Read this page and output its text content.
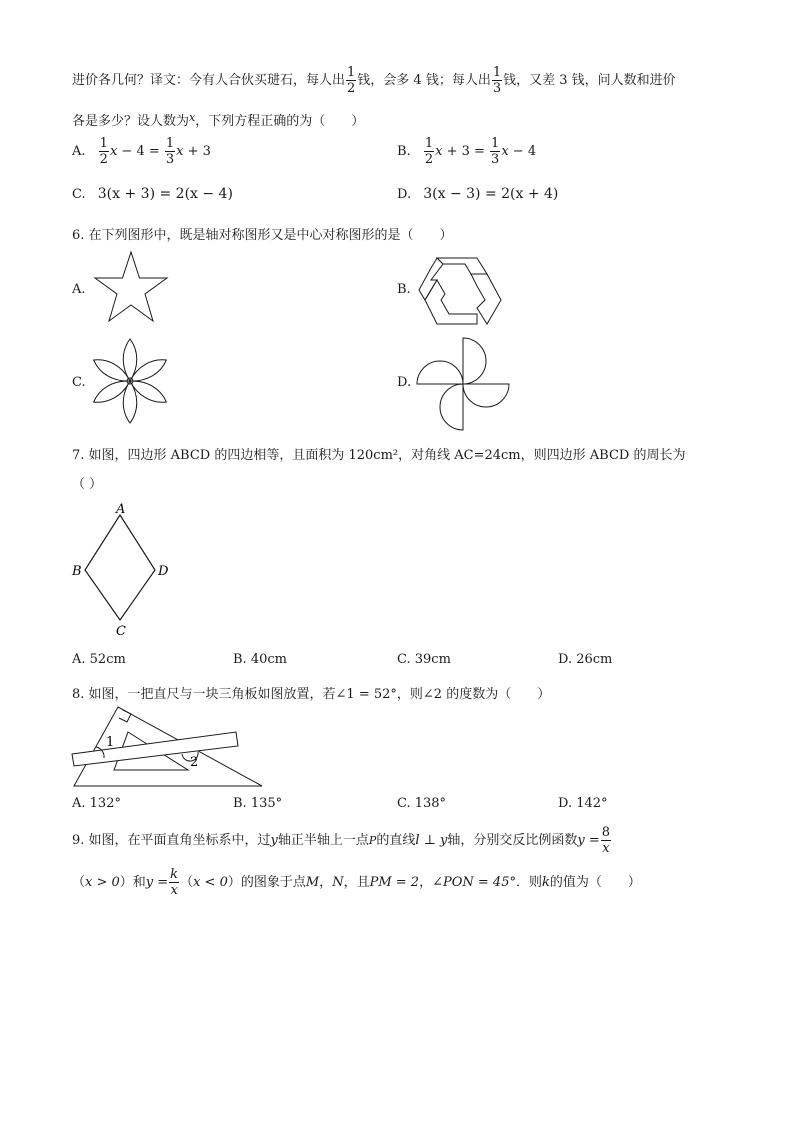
进价各几何？译文：今有人合伙买琎石，每人出 $\frac{1}{2}$ 钱，会多 4 钱；每人出 $\frac{1}{3}$ 钱，又差 3 钱，问人数和进价
各是多少？设人数为$^x$，下列方程正确的为（　　）
A. $\frac{1}{2}$ $x - 4 = \frac{1}{3}$ x + 3	B. $\frac{1}{2}$ $x + 3 = \frac{1}{3}$ x − 4
C. 3(x + 3) = 2(x − 4)	D. 3(x − 3) = 2(x + 4)
6. 在下列图形中，既是轴对称图形又是中心对称图形的是（　　）
A.	B.
C.	D.
7. 如图，四边形 ABCD 的四边相等，且面积为 120cm²，对角线 AC=24cm，则四边形 ABCD 的周长为
（ ）
A
B
C
D
A. 52cm	B. 40cm	C. 39cm	D. 26cm
8. 如图，一把直尺与一块三角板如图放置，若∠1 = 52°，则∠2 的度数为（　　）
1
2
A. 132°	B. 135°	C. 138°	D. 142°
9. 如图，在平面直角坐标系中，过y轴正半轴上一点P的直线l ⊥ y轴，分别交反比例函数$y = \frac{8}{x}$
（x > 0）和$y = \frac{k}{x} (x < 0)$的图象于点M，N，且PM = 2，∠PON = 45°．则k的值为（　　）
